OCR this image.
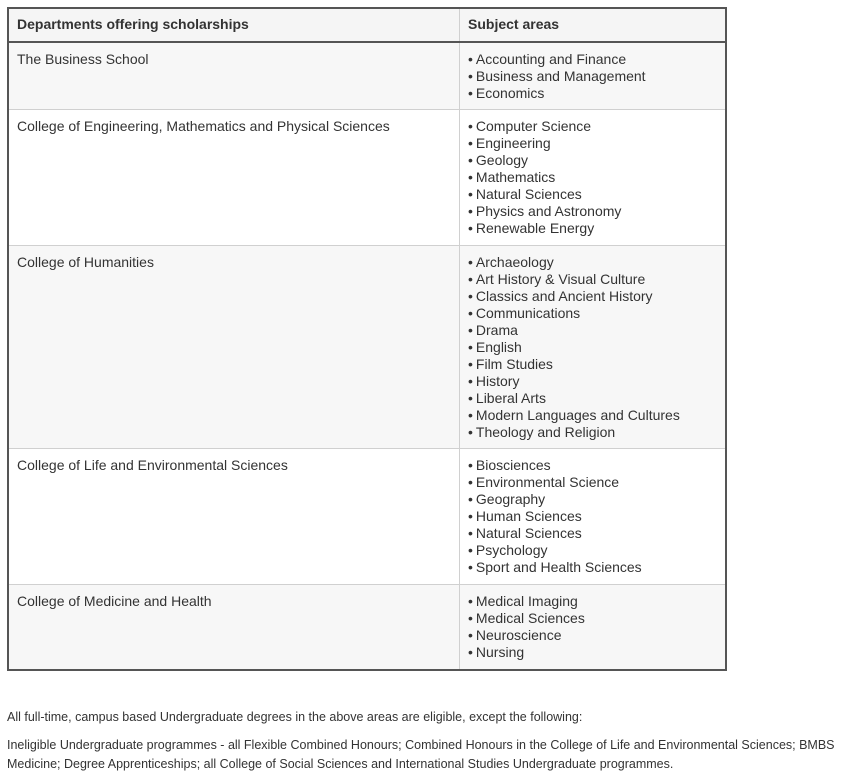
Departments offering scholarships	Subject areas
The Business School	• Accounting and Finance
• Business and Management
• Economics
College of Engineering, Mathematics and Physical Sciences	• Computer Science
• Engineering
• Geology
• Mathematics
• Natural Sciences
• Physics and Astronomy
• Renewable Energy
College of Humanities	• Archaeology
• Art History & Visual Culture
• Classics and Ancient History
• Communications
• Drama
• English
• Film Studies
• History
• Liberal Arts
• Modern Languages and Cultures
• Theology and Religion
College of Life and Environmental Sciences	• Biosciences
• Environmental Science
• Geography
• Human Sciences
• Natural Sciences
• Psychology
• Sport and Health Sciences
College of Medicine and Health	• Medical Imaging
• Medical Sciences
• Neuroscience
• Nursing

All full-time, campus based Undergraduate degrees in the above areas are eligible, except the following:

Ineligible Undergraduate programmes - all Flexible Combined Honours; Combined Honours in the College of Life and Environmental Sciences; BMBS Medicine; Degree Apprenticeships; all College of Social Sciences and International Studies Undergraduate programmes.
